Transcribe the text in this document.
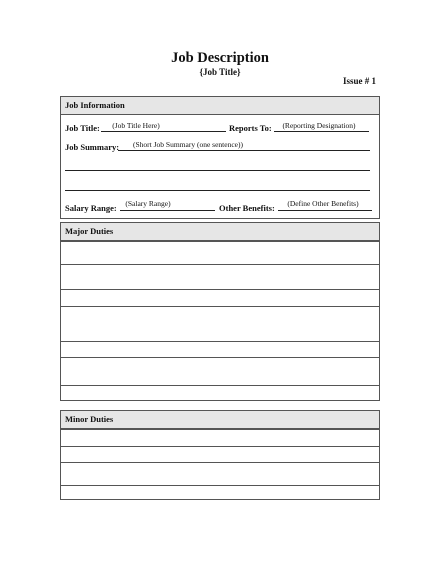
Job Description
{Job Title}
Issue # 1
Job Information
Job Title:	(Job Title Here)	Reports To:	(Reporting Designation)
Job Summary:	(Short Job Summary (one sentence))
Salary Range:	(Salary Range)	Other Benefits:	(Define Other Benefits)
Major Duties
Minor Duties
